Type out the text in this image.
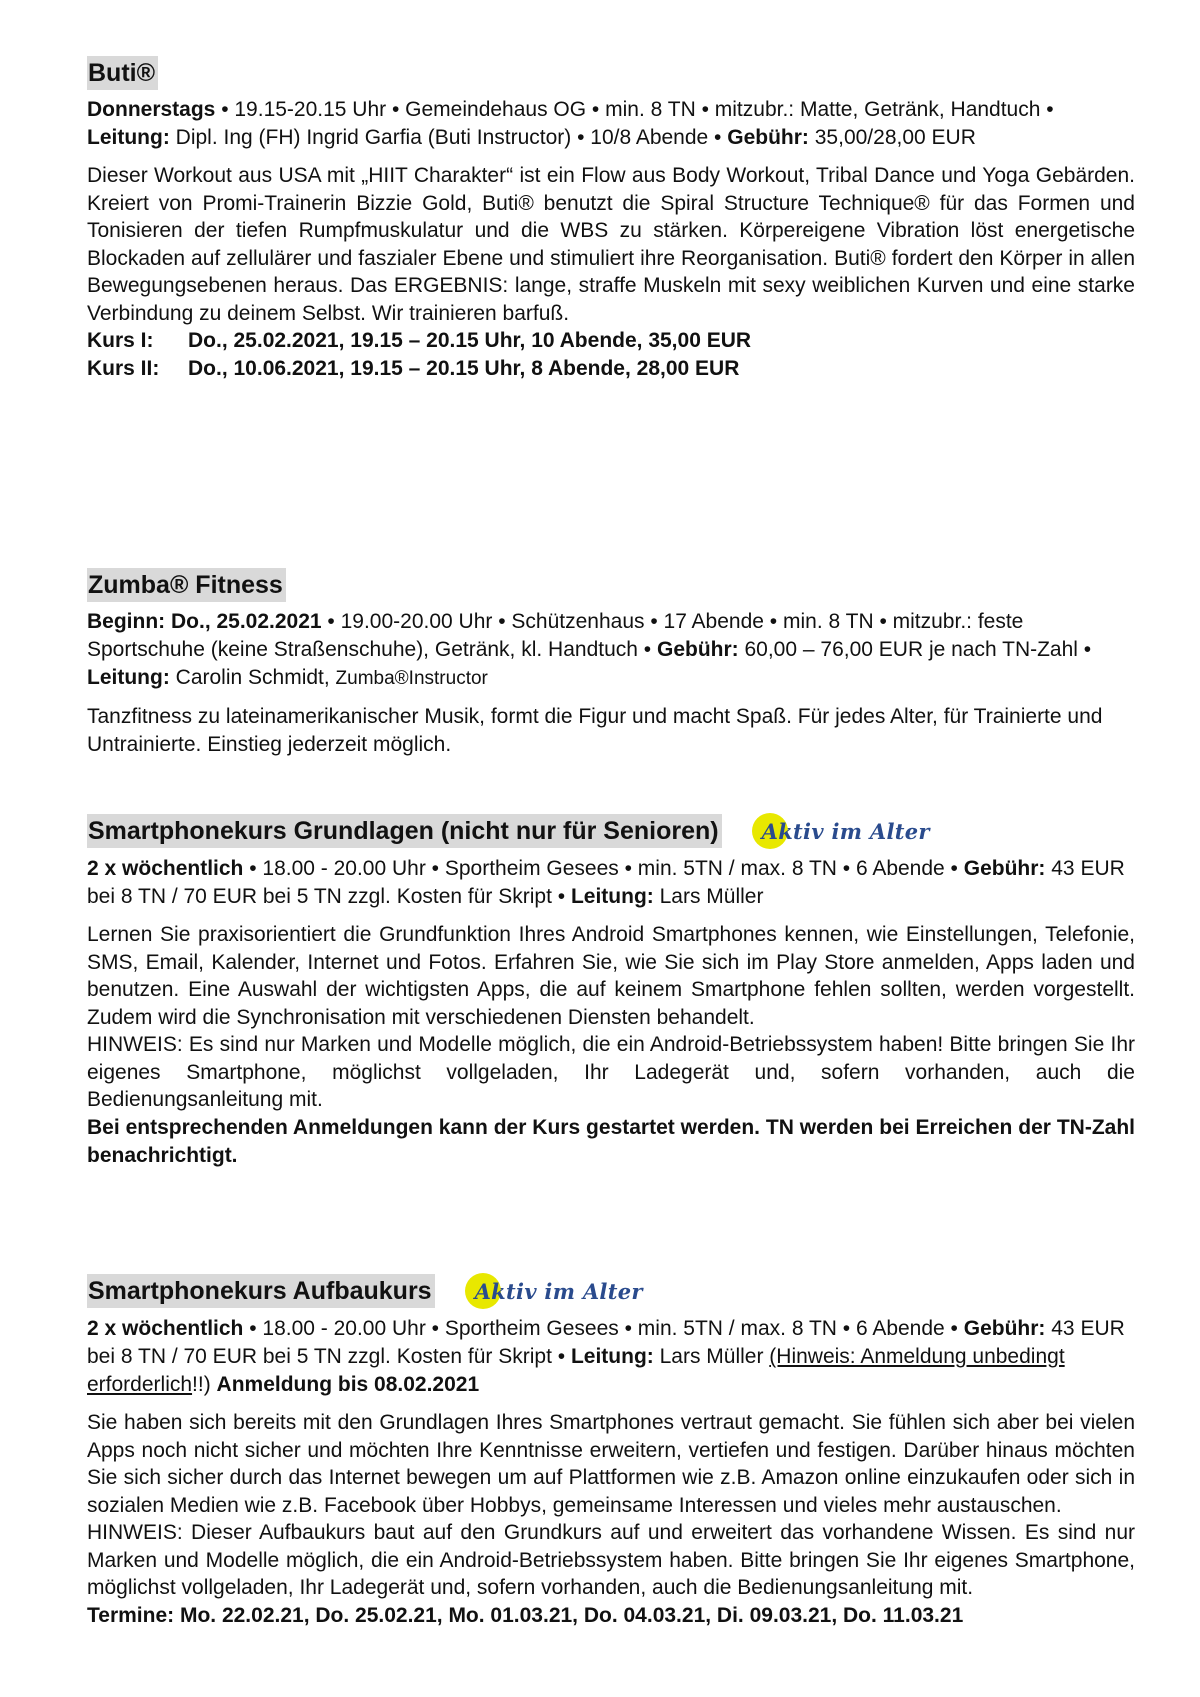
Buti®

Donnerstags • 19.15-20.15 Uhr • Gemeindehaus OG • min. 8 TN • mitzubr.: Matte, Getränk, Handtuch • Leitung: Dipl. Ing (FH) Ingrid Garfia (Buti Instructor) • 10/8 Abende • Gebühr: 35,00/28,00 EUR

Dieser Workout aus USA mit „HIIT Charakter“ ist ein Flow aus Body Workout, Tribal Dance und Yoga Gebärden. Kreiert von Promi-Trainerin Bizzie Gold, Buti® benutzt die Spiral Structure Technique® für das Formen und Tonisieren der tiefen Rumpfmuskulatur und die WBS zu stärken. Körpereigene Vibration löst energetische Blockaden auf zellulärer und faszialer Ebene und stimuliert ihre Reorganisation. Buti® fordert den Körper in allen Bewegungsebenen heraus. Das ERGEBNIS: lange, straffe Muskeln mit sexy weiblichen Kurven und eine starke Verbindung zu deinem Selbst. Wir trainieren barfuß.

Kurs I:	Do., 25.02.2021, 19.15 – 20.15 Uhr, 10 Abende, 35,00 EUR
Kurs II:	Do., 10.06.2021, 19.15 – 20.15 Uhr, 8 Abende, 28,00 EUR
Zumba® Fitness

Beginn: Do., 25.02.2021 • 19.00-20.00 Uhr • Schützenhaus • 17 Abende • min. 8 TN • mitzubr.: feste Sportschuhe (keine Straßenschuhe), Getränk, kl. Handtuch • Gebühr: 60,00 – 76,00 EUR je nach TN-Zahl • Leitung: Carolin Schmidt, Zumba®Instructor

Tanzfitness zu lateinamerikanischer Musik, formt die Figur und macht Spaß. Für jedes Alter, für Trainierte und Untrainierte. Einstieg jederzeit möglich.

Smartphonekurs Grundlagen (nicht nur für Senioren) Aktiv im Alter

2 x wöchentlich • 18.00 - 20.00 Uhr • Sportheim Gesees • min. 5TN / max. 8 TN • 6 Abende • Gebühr: 43 EUR bei 8 TN / 70 EUR bei 5 TN zzgl. Kosten für Skript • Leitung: Lars Müller

Lernen Sie praxisorientiert die Grundfunktion Ihres Android Smartphones kennen, wie Einstellungen, Telefonie, SMS, Email, Kalender, Internet und Fotos. Erfahren Sie, wie Sie sich im Play Store anmelden, Apps laden und benutzen. Eine Auswahl der wichtigsten Apps, die auf keinem Smartphone fehlen sollten, werden vorgestellt. Zudem wird die Synchronisation mit verschiedenen Diensten behandelt.

HINWEIS: Es sind nur Marken und Modelle möglich, die ein Android-Betriebssystem haben! Bitte bringen Sie Ihr eigenes Smartphone, möglichst vollgeladen, Ihr Ladegerät und, sofern vorhanden, auch die Bedienungsanleitung mit.

Bei entsprechenden Anmeldungen kann der Kurs gestartet werden. TN werden bei Erreichen der TN-Zahl benachrichtigt.

Smartphonekurs Aufbaukurs Aktiv im Alter

2 x wöchentlich • 18.00 - 20.00 Uhr • Sportheim Gesees • min. 5TN / max. 8 TN • 6 Abende • Gebühr: 43 EUR bei 8 TN / 70 EUR bei 5 TN zzgl. Kosten für Skript • Leitung: Lars Müller (Hinweis: Anmeldung unbedingt erforderlich!!) Anmeldung bis 08.02.2021

Sie haben sich bereits mit den Grundlagen Ihres Smartphones vertraut gemacht. Sie fühlen sich aber bei vielen Apps noch nicht sicher und möchten Ihre Kenntnisse erweitern, vertiefen und festigen. Darüber hinaus möchten Sie sich sicher durch das Internet bewegen um auf Plattformen wie z.B. Amazon online einzukaufen oder sich in sozialen Medien wie z.B. Facebook über Hobbys, gemeinsame Interessen und vieles mehr austauschen.

HINWEIS: Dieser Aufbaukurs baut auf den Grundkurs auf und erweitert das vorhandene Wissen. Es sind nur Marken und Modelle möglich, die ein Android-Betriebssystem haben. Bitte bringen Sie Ihr eigenes Smartphone, möglichst vollgeladen, Ihr Ladegerät und, sofern vorhanden, auch die Bedienungsanleitung mit.

Termine: Mo. 22.02.21, Do. 25.02.21, Mo. 01.03.21, Do. 04.03.21, Di. 09.03.21, Do. 11.03.21
